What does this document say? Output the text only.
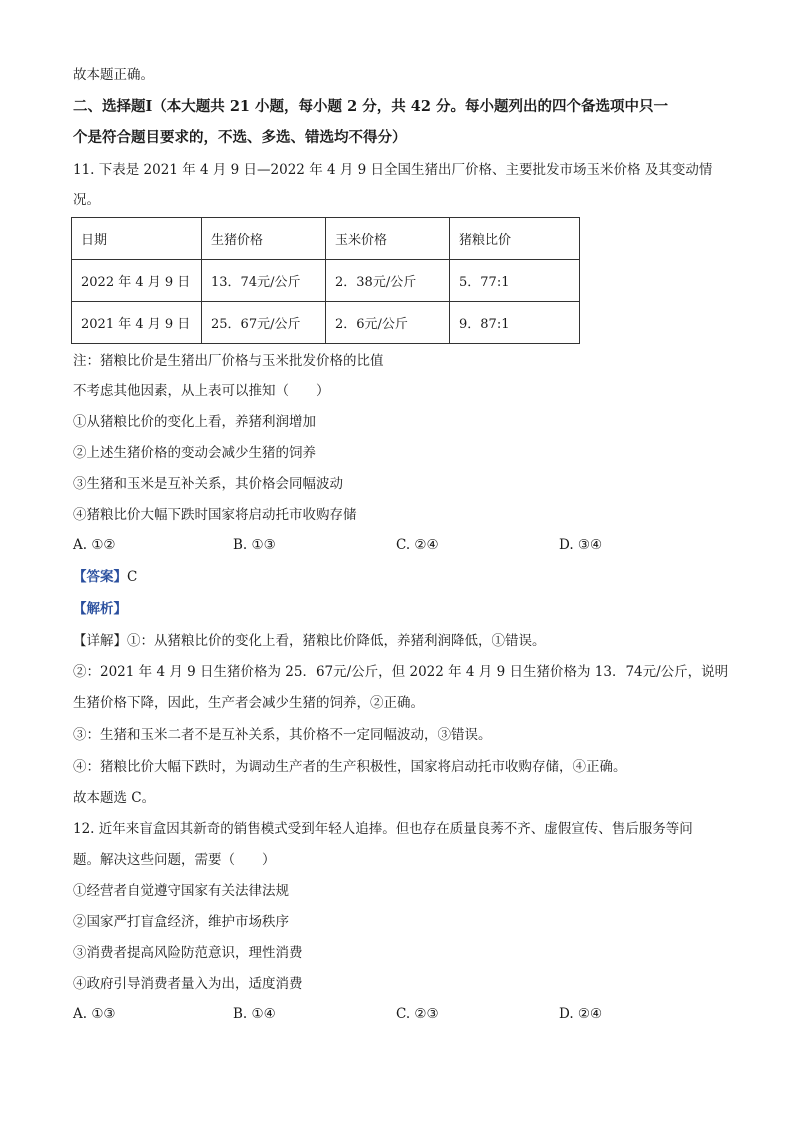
故本题正确。
二、选择题Ⅰ（本大题共 21 小题，每小题 2 分，共 42 分。每小题列出的四个备选项中只一
个是符合题目要求的，不选、多选、错选均不得分）
11. 下表是 2021 年 4 月 9 日—2022 年 4 月 9 日全国生猪出厂价格、主要批发市场玉米价格 及其变动情
况。
日期	生猪价格	玉米价格	猪粮比价
2022 年 4 月 9 日	13．74元/公斤	2．38元/公斤	5．77:1
2021 年 4 月 9 日	25．67元/公斤	2．6元/公斤	9．87:1
注：猪粮比价是生猪出厂价格与玉米批发价格的比值
不考虑其他因素，从上表可以推知（　　）
①从猪粮比价的变化上看，养猪利润增加
②上述生猪价格的变动会减少生猪的饲养
③生猪和玉米是互补关系，其价格会同幅波动
④猪粮比价大幅下跌时国家将启动托市收购存储
A. ①②	B. ①③	C. ②④	D. ③④
【答案】C
【解析】
【详解】①：从猪粮比价的变化上看，猪粮比价降低，养猪利润降低，①错误。
②：2021 年 4 月 9 日生猪价格为 25．67元/公斤，但 2022 年 4 月 9 日生猪价格为 13．74元/公斤，说明
生猪价格下降，因此，生产者会减少生猪的饲养，②正确。
③：生猪和玉米二者不是互补关系，其价格不一定同幅波动，③错误。
④：猪粮比价大幅下跌时，为调动生产者的生产积极性，国家将启动托市收购存储，④正确。
故本题选 C。
12. 近年来盲盒因其新奇的销售模式受到年轻人追捧。但也存在质量良莠不齐、虚假宣传、售后服务等问
题。解决这些问题，需要（　　）
①经营者自觉遵守国家有关法律法规
②国家严打盲盒经济，维护市场秩序
③消费者提高风险防范意识，理性消费
④政府引导消费者量入为出，适度消费
A. ①③	B. ①④	C. ②③	D. ②④
